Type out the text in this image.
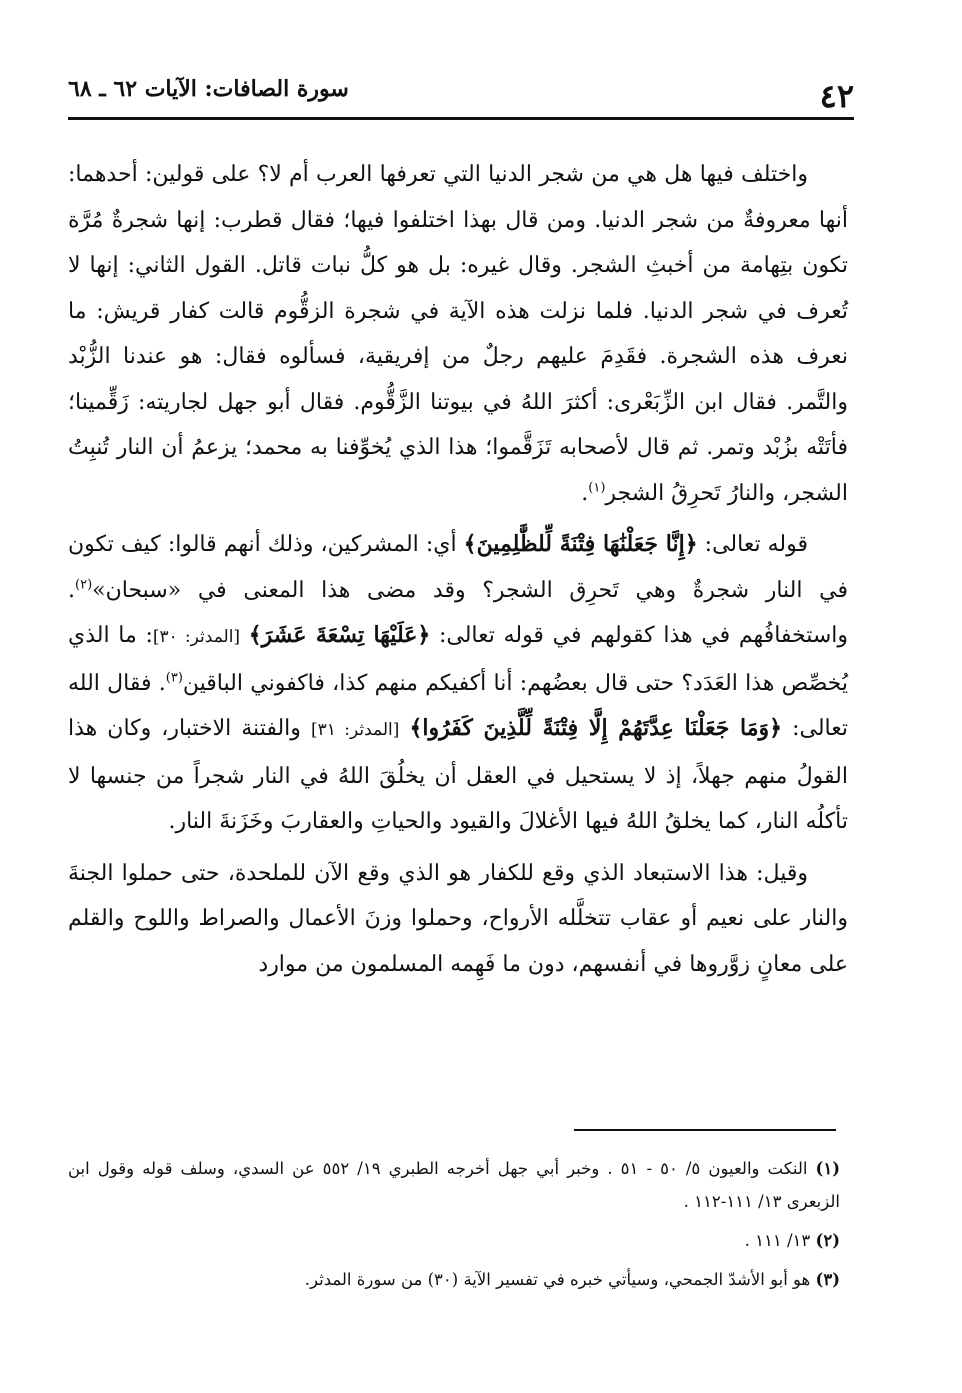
٤٢
سورة الصافات: الآيات ٦٢ ـ ٦٨

واختلف فيها هل هي من شجر الدنيا التي تعرفها العرب أم لا؟ على قولين: أحدهما: أنها معروفةٌ من شجر الدنيا. ومن قال بهذا اختلفوا فيها؛ فقال قطرب: إنها شجرةٌ مُرَّة تكون بتِهامة من أخبثِ الشجر. وقال غيره: بل هو كلُّ نبات قاتل. القول الثاني: إنها لا تُعرف في شجر الدنيا. فلما نزلت هذه الآية في شجرة الزقُّوم قالت كفار قريش: ما نعرف هذه الشجرة. فقَدِمَ عليهم رجلٌ من إفريقية، فسألوه فقال: هو عندنا الزُّبْد والتَّمر. فقال ابن الزِّبَعْرى: أكثرَ اللهُ في بيوتنا الزَّقُّوم. فقال أبو جهل لجاريته: زَقِّمينا؛ فأتَتْه بزُبْد وتمر. ثم قال لأصحابه تَزَقَّموا؛ هذا الذي يُخوِّفنا به محمد؛ يزعمُ أن النار تُنبِتُ الشجر، والنارُ تَحرِقُ الشجر$^{(١)}$.

قوله تعالى: ﴿إِنَّا جَعَلْنَٰهَا فِتْنَةً لِّلظَّٰلِمِينَ﴾ أي: المشركين، وذلك أنهم قالوا: كيف تكون في النار شجرةٌ وهي تَحرِق الشجر؟ وقد مضى هذا المعنى في «سبحان»$^{(٢)}$. واستخفافُهم في هذا كقولهم في قوله تعالى: ﴿عَلَيْهَا تِسْعَةَ عَشَرَ﴾ [المدثر: ٣٠]: ما الذي يُخصِّص هذا العَدَد؟ حتى قال بعضُهم: أنا أكفيكم منهم كذا، فاكفوني الباقين$^{(٣)}$. فقال الله تعالى: ﴿وَمَا جَعَلْنَا عِدَّتَهُمْ إِلَّا فِتْنَةً لِّلَّذِينَ كَفَرُوا﴾ [المدثر: ٣١] والفتنة الاختبار، وكان هذا القولُ منهم جهلاً، إذ لا يستحيل في العقل أن يخلُقَ اللهُ في النار شجراً من جنسها لا تأكلُه النار، كما يخلقُ اللهُ فيها الأغلالَ والقيود والحياتِ والعقاربَ وخَزَنةَ النار.

وقيل: هذا الاستبعاد الذي وقع للكفار هو الذي وقع الآن للملحدة، حتى حملوا الجنةَ والنار على نعيم أو عقاب تتخلَّله الأرواح، وحملوا وزنَ الأعمال والصراط واللوح والقلم على معانٍ زوَّروها في أنفسهم، دون ما فَهِمه المسلمون من موارد

(١) النكت والعيون ٥/ ٥٠ - ٥١ . وخبر أبي جهل أخرجه الطبري ١٩/ ٥٥٢ عن السدي، وسلف قوله وقول ابن الزبعرى ١٣/ ١١١-١١٢ .

(٢) ١٣/ ١١١ .

(٣) هو أبو الأشدّ الجمحي، وسيأتي خبره في تفسير الآية (٣٠) من سورة المدثر.
